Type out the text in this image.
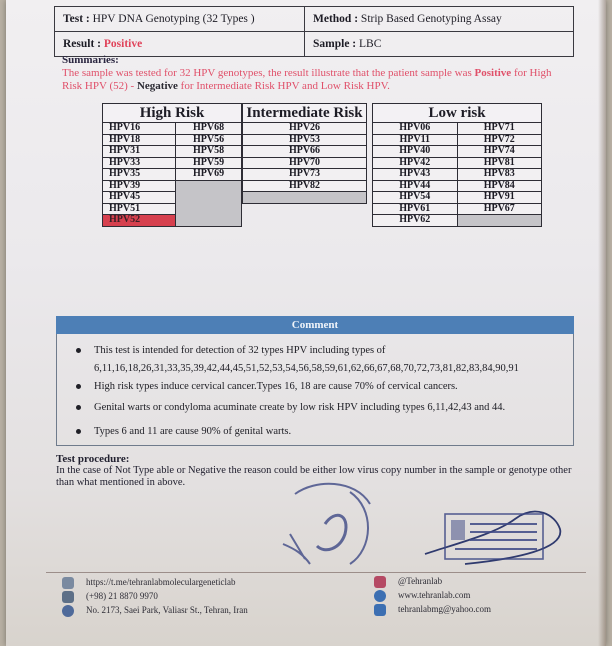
Test : HPV DNA Genotyping (32 Types )	Method : Strip Based Genotyping Assay
Result : Positive	Sample : LBC
Summaries:
The sample was tested for 32 HPV genotypes, the result illustrate that the patient sample was Positive for High Risk HPV (52) - Negative for Intermediate Risk HPV and Low Risk HPV.
High Risk	
HPV16	HPV68
HPV18	HPV56
HPV31	HPV58
HPV33	HPV59
HPV35	HPV69
HPV39	
HPV45	
HPV51	
HPV52	
Intermediate Risk
HPV26
HPV53
HPV66
HPV70
HPV73
HPV82

Low risk	
HPV06	HPV71
HPV11	HPV72
HPV40	HPV74
HPV42	HPV81
HPV43	HPV83
HPV44	HPV84
HPV54	HPV91
HPV61	HPV67
HPV62	
Comment
This test is intended for detection of 32 types HPV including types of
6,11,16,18,26,31,33,35,39,42,44,45,51,52,53,54,56,58,59,61,62,66,67,68,70,72,73,81,82,83,84,90,91
High risk types induce cervical cancer.Types 16, 18 are cause 70% of cervical cancers.
Genital warts or condyloma acuminate create by low risk HPV including types 6,11,42,43 and 44.
Types 6 and 11 are cause 90% of genital warts.
Test procedure:
In the case of Not Type able or Negative the reason could be either low virus copy number in the sample or genotype other than what mentioned in above.
https://t.me/tehranlabmoleculargeneticlab
(+98) 21 8870 9970
No. 2173, Saei Park, Valiasr St., Tehran, Iran
@Tehranlab
www.tehranlab.com
tehranlabmg@yahoo.com
